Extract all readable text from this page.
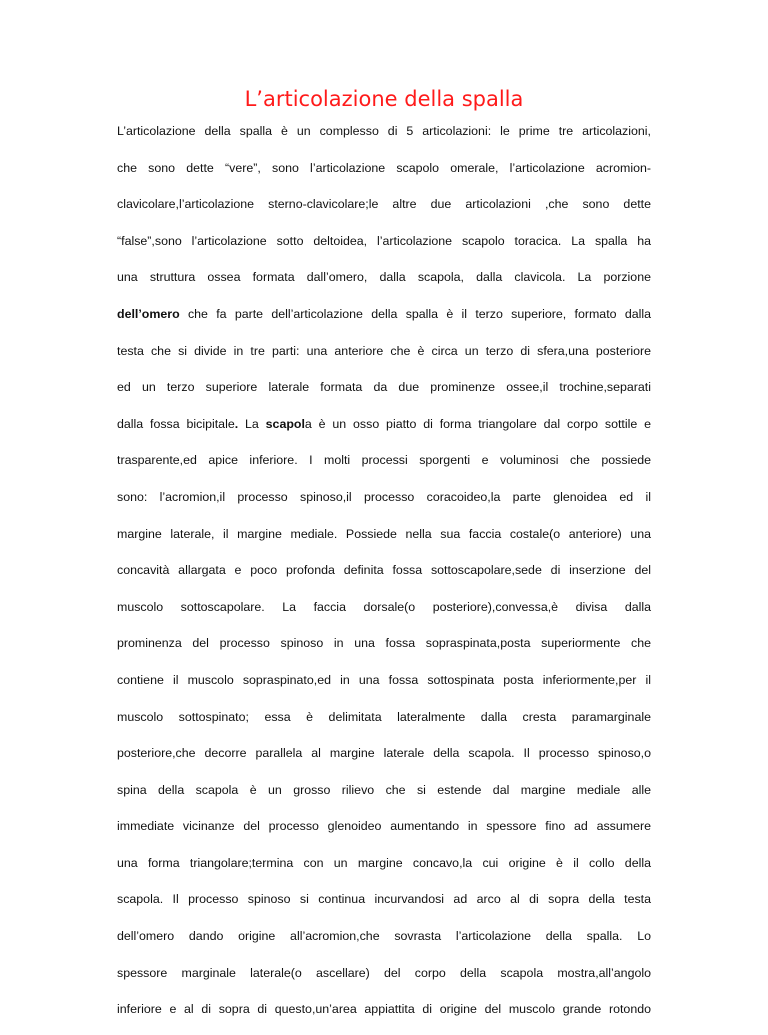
L’articolazione della spalla
L’articolazione della spalla è un complesso di 5 articolazioni: le prime tre articolazioni,
che sono dette “vere”, sono l’articolazione scapolo omerale, l’articolazione acromion-
clavicolare,l’articolazione sterno-clavicolare;le altre due articolazioni ,che sono dette
“false”,sono l’articolazione sotto deltoidea, l’articolazione scapolo toracica. La spalla ha
una struttura ossea formata dall’omero, dalla scapola, dalla clavicola. La porzione
dell’omero che fa parte dell’articolazione della spalla è il terzo superiore, formato dalla
testa che si divide in tre parti: una anteriore che è circa un terzo di sfera,una posteriore
ed un terzo superiore laterale formata da due prominenze ossee,il trochine,separati
dalla fossa bicipitale. La scapola è un osso piatto di forma triangolare dal corpo sottile e
trasparente,ed apice inferiore. I molti processi sporgenti e voluminosi che possiede
sono: l’acromion,il processo spinoso,il processo coracoideo,la parte glenoidea ed il
margine laterale, il margine mediale. Possiede nella sua faccia costale(o anteriore) una
concavità allargata e poco profonda definita fossa sottoscapolare,sede di inserzione del
muscolo sottoscapolare. La faccia dorsale(o posteriore),convessa,è divisa dalla
prominenza del processo spinoso in una fossa sopraspinata,posta superiormente che
contiene il muscolo sopraspinato,ed in una fossa sottospinata posta inferiormente,per il
muscolo sottospinato; essa è delimitata lateralmente dalla cresta paramarginale
posteriore,che decorre parallela al margine laterale della scapola. Il processo spinoso,o
spina della scapola è un grosso rilievo che si estende dal margine mediale alle
immediate vicinanze del processo glenoideo aumentando in spessore fino ad assumere
una forma triangolare;termina con un margine concavo,la cui origine è il collo della
scapola. Il processo spinoso si continua incurvandosi ad arco al di sopra della testa
dell’omero dando origine all’acromion,che sovrasta l’articolazione della spalla. Lo
spessore marginale laterale(o ascellare) del corpo della scapola mostra,all’angolo
inferiore e al di sopra di questo,un’area appiattita di origine del muscolo grande rotondo
